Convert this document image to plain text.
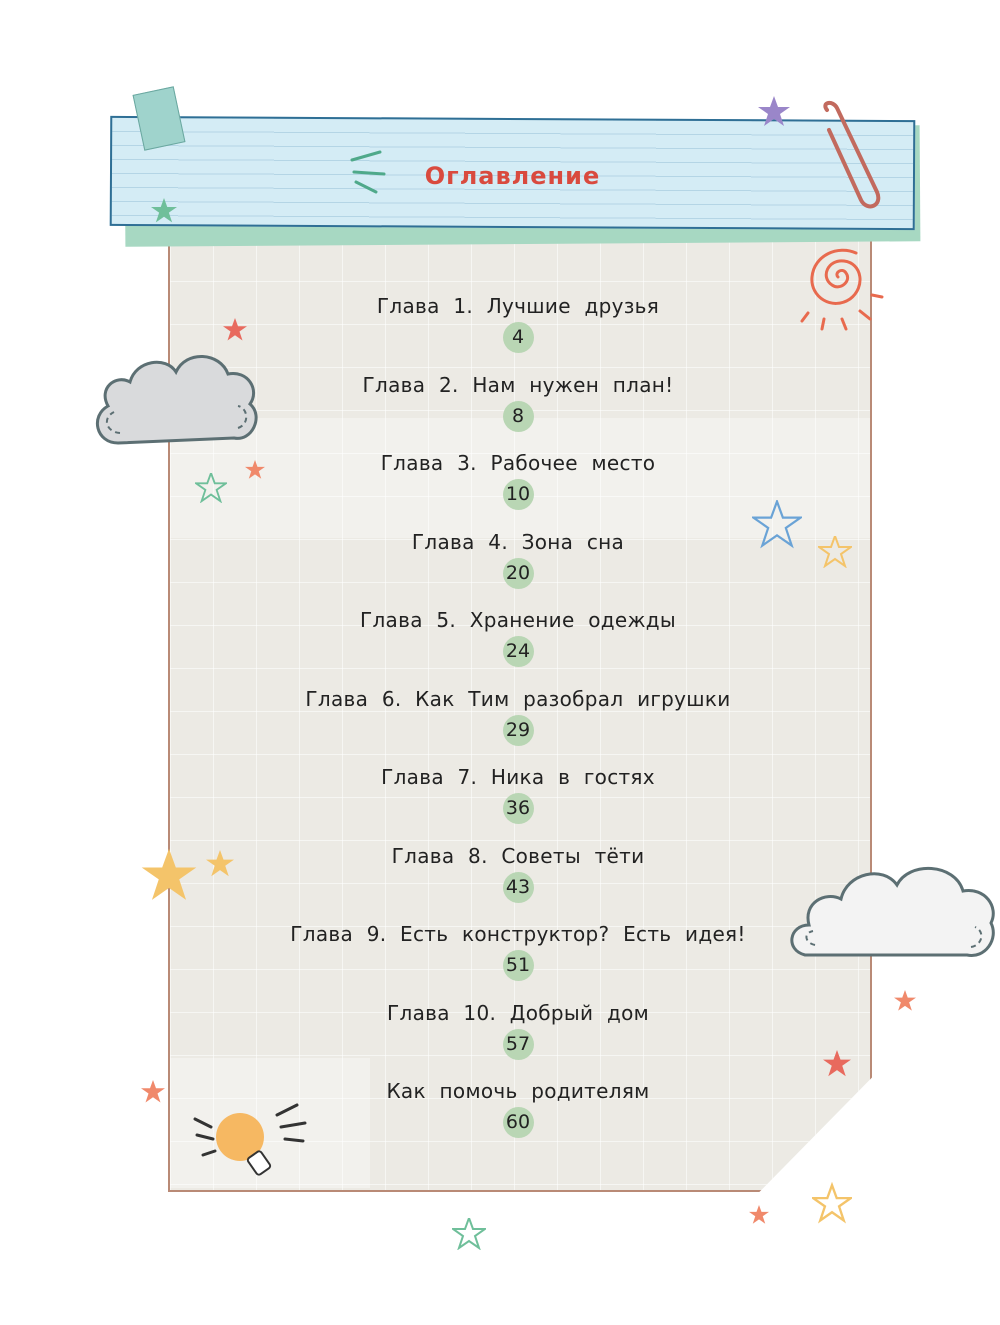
Оглавление
Глава 1. Лучшие друзья
4
Глава 2. Нам нужен план!
8
Глава 3. Рабочее место
10
Глава 4. Зона сна
20
Глава 5. Хранение одежды
24
Глава 6. Как Тим разобрал игрушки
29
Глава 7. Ника в гостях
36
Глава 8. Советы тёти
43
Глава 9. Есть конструктор? Есть идея!
51
Глава 10. Добрый дом
57
Как помочь родителям
60
